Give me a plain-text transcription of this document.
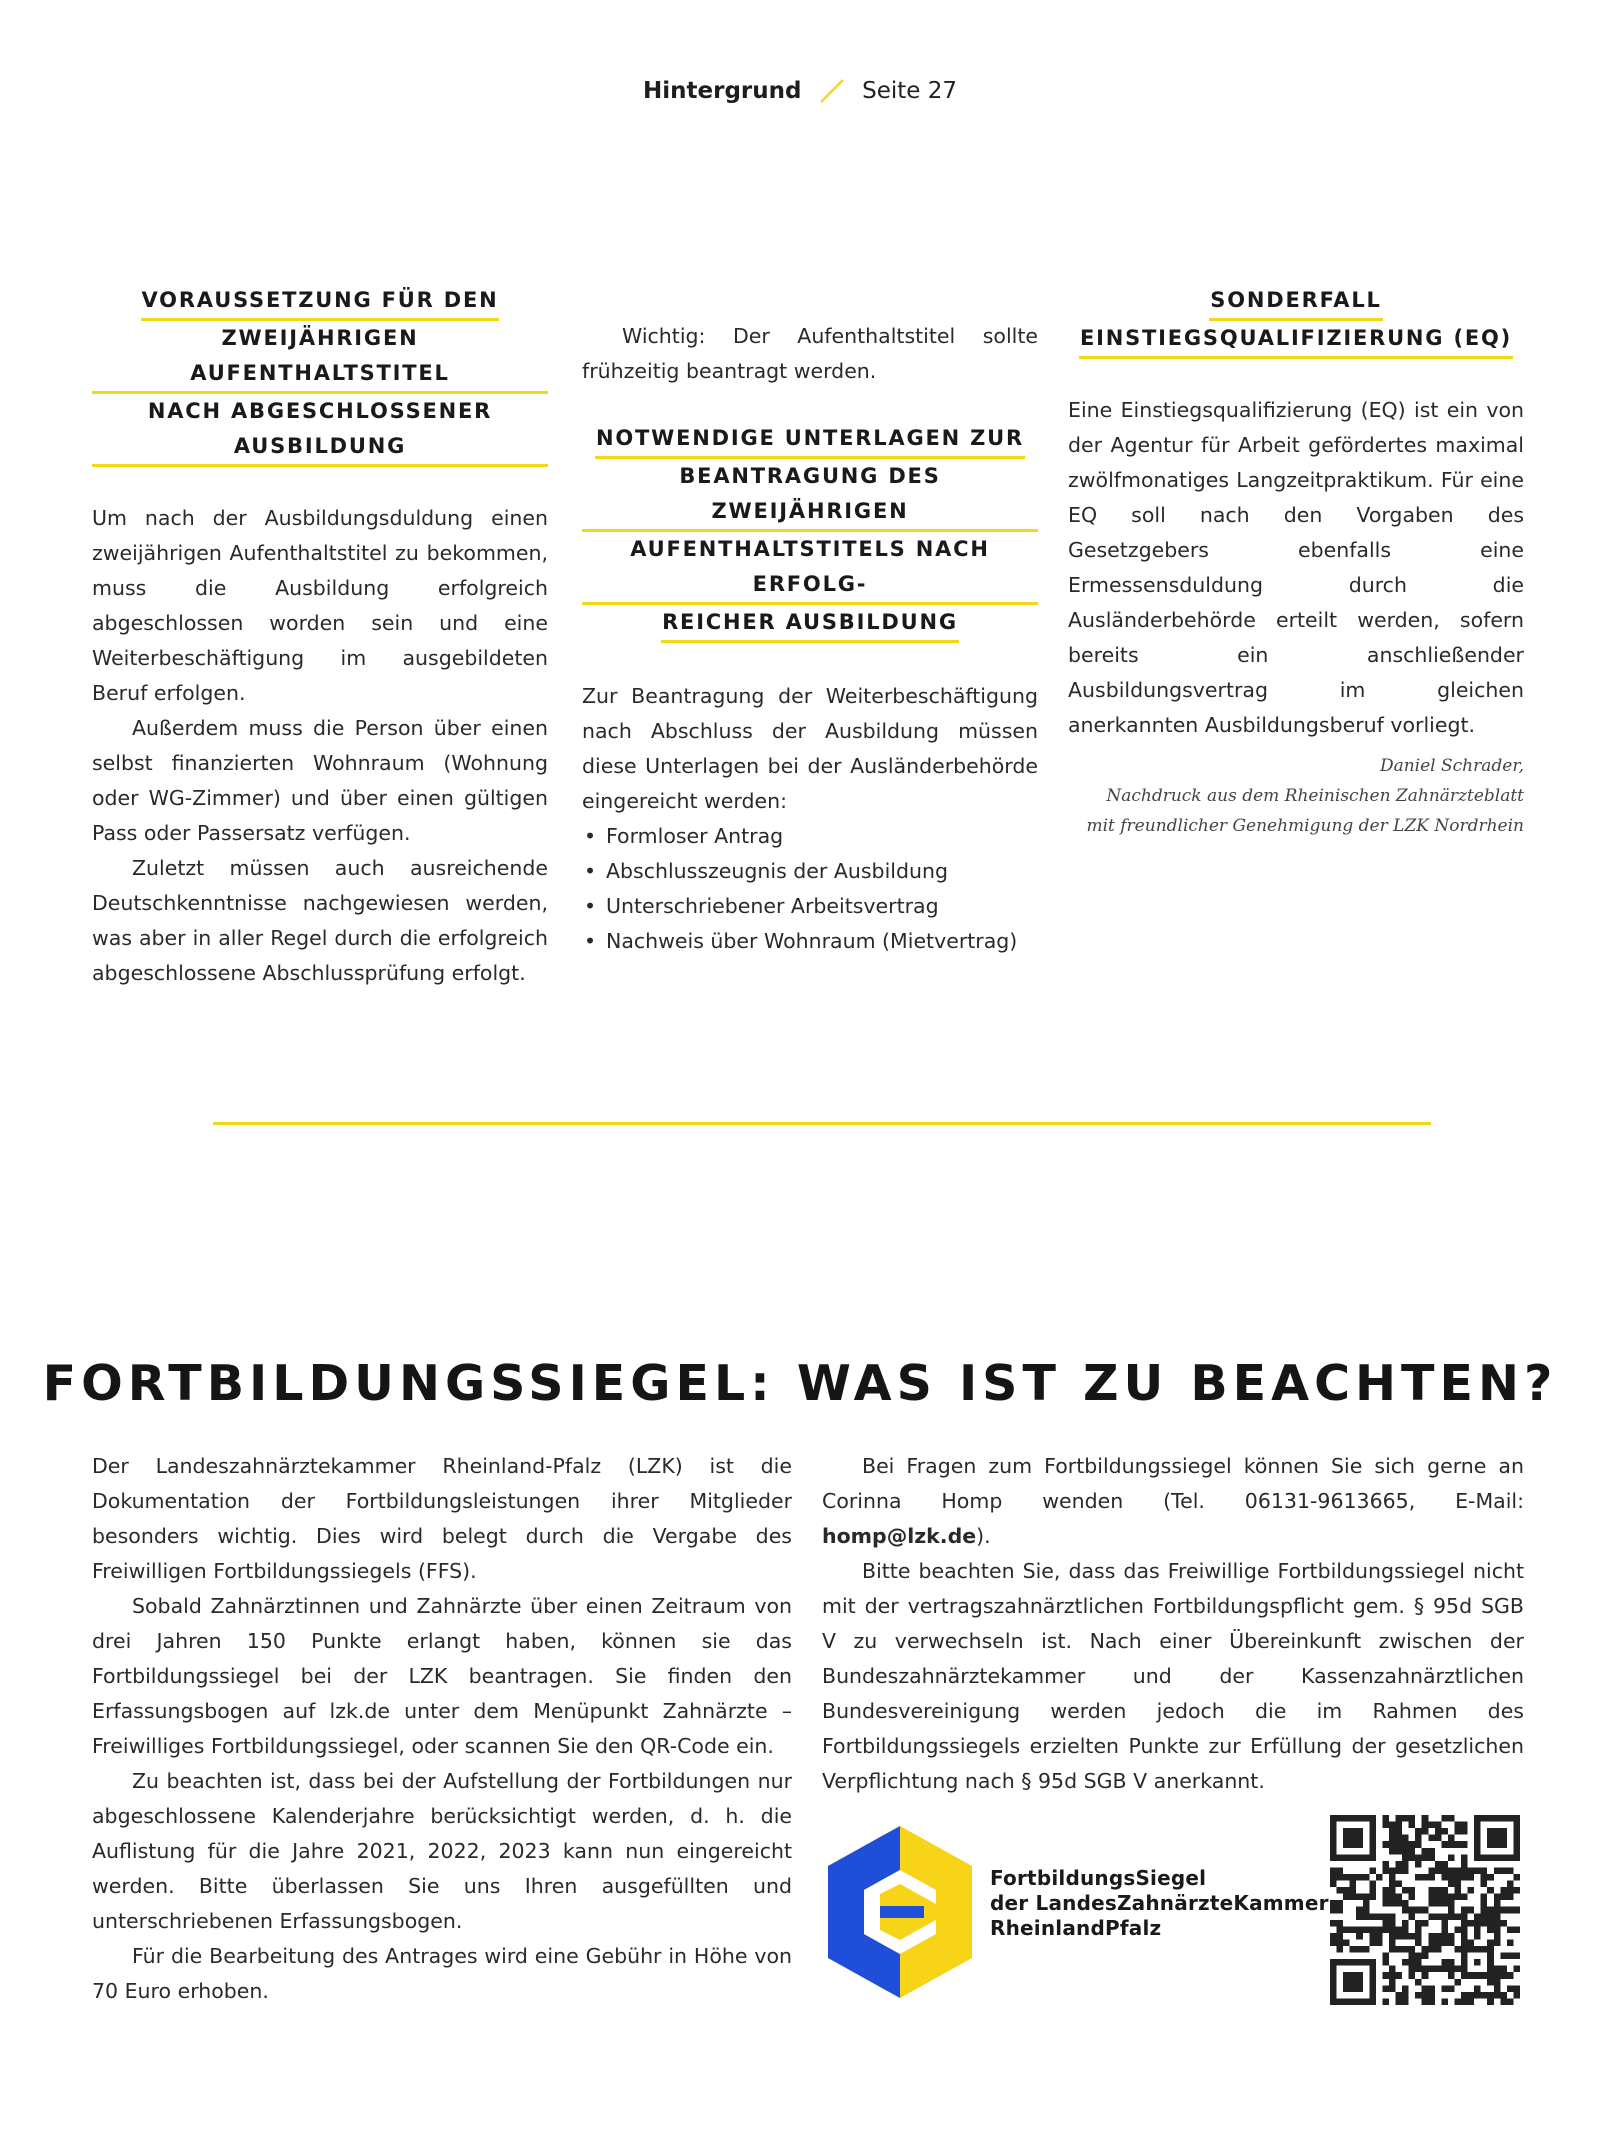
Hintergrund	Seite 27
VORAUSSETZUNG FÜR DEN
ZWEIJÄHRIGEN AUFENTHALTSTITEL
NACH ABGESCHLOSSENER AUSBILDUNG

Um nach der Ausbildungsduldung einen zweijährigen Aufenthaltstitel zu bekommen, muss die Ausbildung erfolgreich abgeschlossen worden sein und eine Weiterbeschäftigung im ausgebildeten Beruf erfolgen.

Außerdem muss die Person über einen selbst finanzierten Wohnraum (Wohnung oder WG-Zimmer) und über einen gültigen Pass oder Passersatz verfügen.

Zuletzt müssen auch ausreichende Deutschkenntnisse nachgewiesen werden, was aber in aller Regel durch die erfolgreich abgeschlossene Abschlussprüfung erfolgt.

Wichtig: Der Aufenthaltstitel sollte frühzeitig beantragt werden.

NOTWENDIGE UNTERLAGEN ZUR
BEANTRAGUNG DES ZWEIJÄHRIGEN
AUFENTHALTSTITELS NACH ERFOLG-
REICHER AUSBILDUNG

Zur Beantragung der Weiterbeschäftigung nach Abschluss der Ausbildung müssen diese Unterlagen bei der Ausländerbehörde eingereicht werden:

• Formloser Antrag
• Abschlusszeugnis der Ausbildung
• Unterschriebener Arbeitsvertrag
• Nachweis über Wohnraum (Mietvertrag)
SONDERFALL
EINSTIEGSQUALIFIZIERUNG (EQ)

Eine Einstiegsqualifizierung (EQ) ist ein von der Agentur für Arbeit gefördertes maximal zwölfmonatiges Langzeitpraktikum. Für eine EQ soll nach den Vorgaben des Gesetzgebers ebenfalls eine Ermessensduldung durch die Ausländerbehörde erteilt werden, sofern bereits ein anschließender Ausbildungsvertrag im gleichen anerkannten Ausbildungsberuf vorliegt.

Daniel Schrader,
Nachdruck aus dem Rheinischen Zahnärzteblatt
mit freundlicher Genehmigung der LZK Nordrhein
FORTBILDUNGSSIEGEL: WAS IST ZU BEACHTEN?

Der Landeszahnärztekammer Rheinland-Pfalz (LZK) ist die Dokumentation der Fortbildungsleistungen ihrer Mitglieder besonders wichtig. Dies wird belegt durch die Vergabe des Freiwilligen Fortbildungssiegels (FFS).

Sobald Zahnärztinnen und Zahnärzte über einen Zeitraum von drei Jahren 150 Punkte erlangt haben, können sie das Fortbildungssiegel bei der LZK beantragen. Sie finden den Erfassungsbogen auf lzk.de unter dem Menüpunkt Zahnärzte – Freiwilliges Fortbildungssiegel, oder scannen Sie den QR-Code ein.

Zu beachten ist, dass bei der Aufstellung der Fortbildungen nur abgeschlossene Kalenderjahre berücksichtigt werden, d. h. die Auflistung für die Jahre 2021, 2022, 2023 kann nun eingereicht werden. Bitte überlassen Sie uns Ihren ausgefüllten und unterschriebenen Erfassungsbogen.

Für die Bearbeitung des Antrages wird eine Gebühr in Höhe von 70 Euro erhoben.

Bei Fragen zum Fortbildungssiegel können Sie sich gerne an Corinna Homp wenden (Tel. 06131-9613665, E-Mail: homp@lzk.de).

Bitte beachten Sie, dass das Freiwillige Fortbildungssiegel nicht mit der vertragszahnärztlichen Fortbildungspflicht gem. § 95d SGB V zu verwechseln ist. Nach einer Übereinkunft zwischen der Bundeszahnärztekammer und der Kassenzahnärztlichen Bundesvereinigung werden jedoch die im Rahmen des Fortbildungssiegels erzielten Punkte zur Erfüllung der gesetzlichen Verpflichtung nach § 95d SGB V anerkannt.

FortbildungsSiegel
der LandesZahnärzteKammer
RheinlandPfalz
